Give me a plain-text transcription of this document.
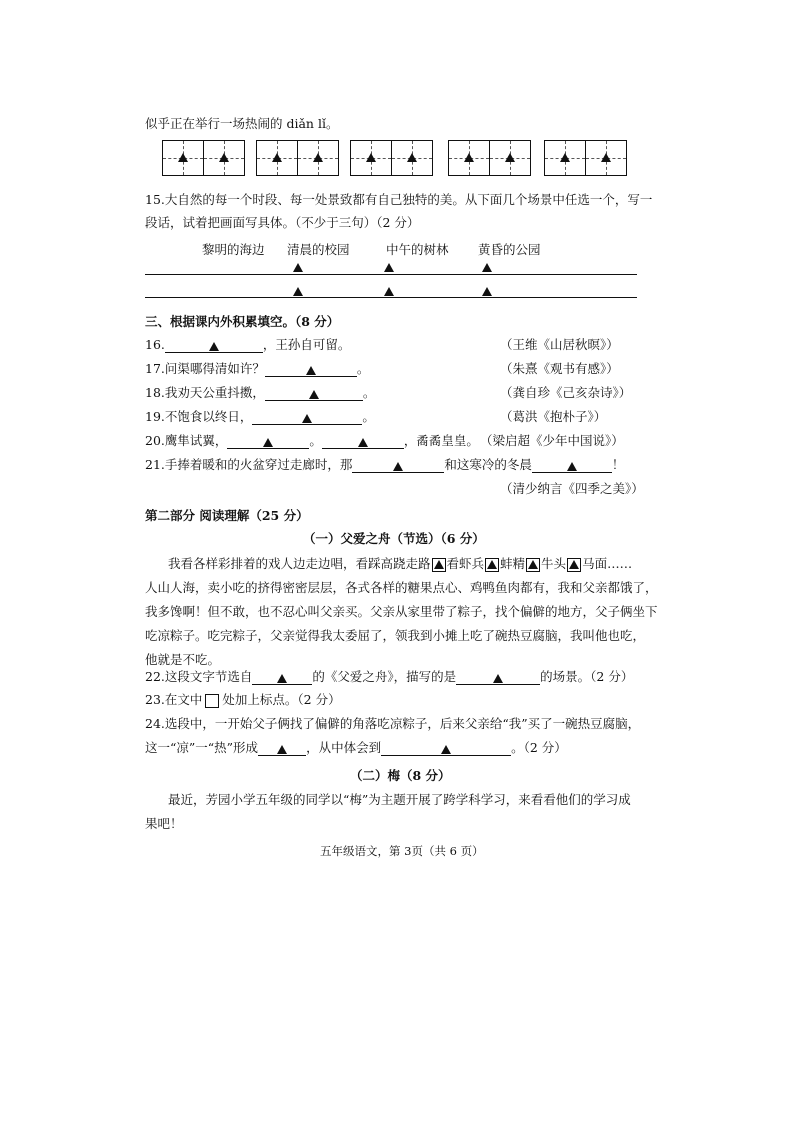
似乎正在举行一场热闹的 diǎn lǐ。
15.大自然的每一个时段、每一处景致都有自己独特的美。从下面几个场景中任选一个，写一
段话，试着把画面写具体。（不少于三句）（2 分）
黎明的海边 清晨的校园	中午的树林 黄昏的公园
三、根据课内外积累填空。（8 分）
16.	，王孙自可留。	（王维《山居秋暝》）
17.问渠哪得清如许？	。	（朱熹《观书有感》）
18.我劝天公重抖擞，	。	（龚自珍《己亥杂诗》）
19.不饱食以终日，	。	（葛洪《抱朴子》）
20.鹰隼试翼，	。	，矞矞皇皇。 （梁启超《少年中国说》）
21.手捧着暖和的火盆穿过走廊时，那	和这寒冷的冬晨	！
（清少纳言《四季之美》）
第二部分 阅读理解（25 分）
（一）父爱之舟（节选）（6 分）
我看各样彩排着的戏人边走边唱，看踩高跷走路 看虾兵 蚌精 牛头 马面……
人山人海，卖小吃的挤得密密层层，各式各样的糖果点心、鸡鸭鱼肉都有，我和父亲都饿了，
我多馋啊！但不敢，也不忍心叫父亲买。父亲从家里带了粽子，找个偏僻的地方，父子俩坐下
吃凉粽子。吃完粽子，父亲觉得我太委屈了，领我到小摊上吃了碗热豆腐脑，我叫他也吃，
他就是不吃。
22.这段文字节选自	的《父爱之舟》，描写的是	的场景。（2 分）
23.在文中 处加上标点。（2 分）
24.选段中，一开始父子俩找了偏僻的角落吃凉粽子，后来父亲给“我”买了一碗热豆腐脑，
这一“凉”一“热”形成	，从中体会到	。（2 分）
（二）梅（8 分）
最近，芳园小学五年级的同学以“梅”为主题开展了跨学科学习，来看看他们的学习成
果吧！
五年级语文，第 3页（共 6 页）
